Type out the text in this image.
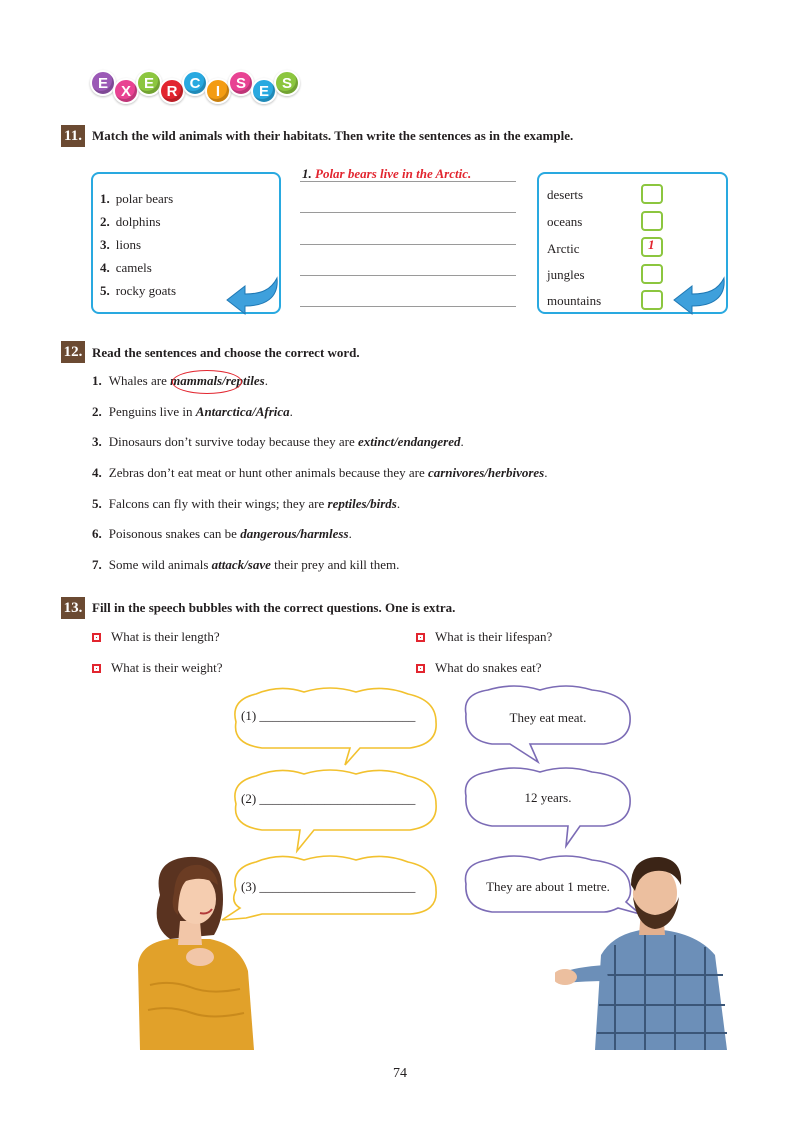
E X E R C	I	S E S
11. Match the wild animals with their habitats. Then write the sentences as in the example.
1. polar bears
2. dolphins
3. lions
4. camels
5. rocky goats
1. Polar bears live in the Arctic.
deserts
oceans
Arctic
jungles
mountains
1
12. Read the sentences and choose the correct word.
1. Whales are mammals/reptiles.
2. Penguins live in Antarctica/Africa.
3. Dinosaurs don’t survive today because they are extinct/endangered.
4. Zebras don’t eat meat or hunt other animals because they are carnivores/herbivores.
5. Falcons can fly with their wings; they are reptiles/birds.
6. Poisonous snakes can be dangerous/harmless.
7. Some wild animals attack/save their prey and kill them.
13. Fill in the speech bubbles with the correct questions. One is extra.
What is their length?	What is their lifespan?
What is their weight?	What do snakes eat?
(1) ________________________
(2) ________________________
(3) ________________________
They eat meat.
12 years.
They are about 1 metre.
74
